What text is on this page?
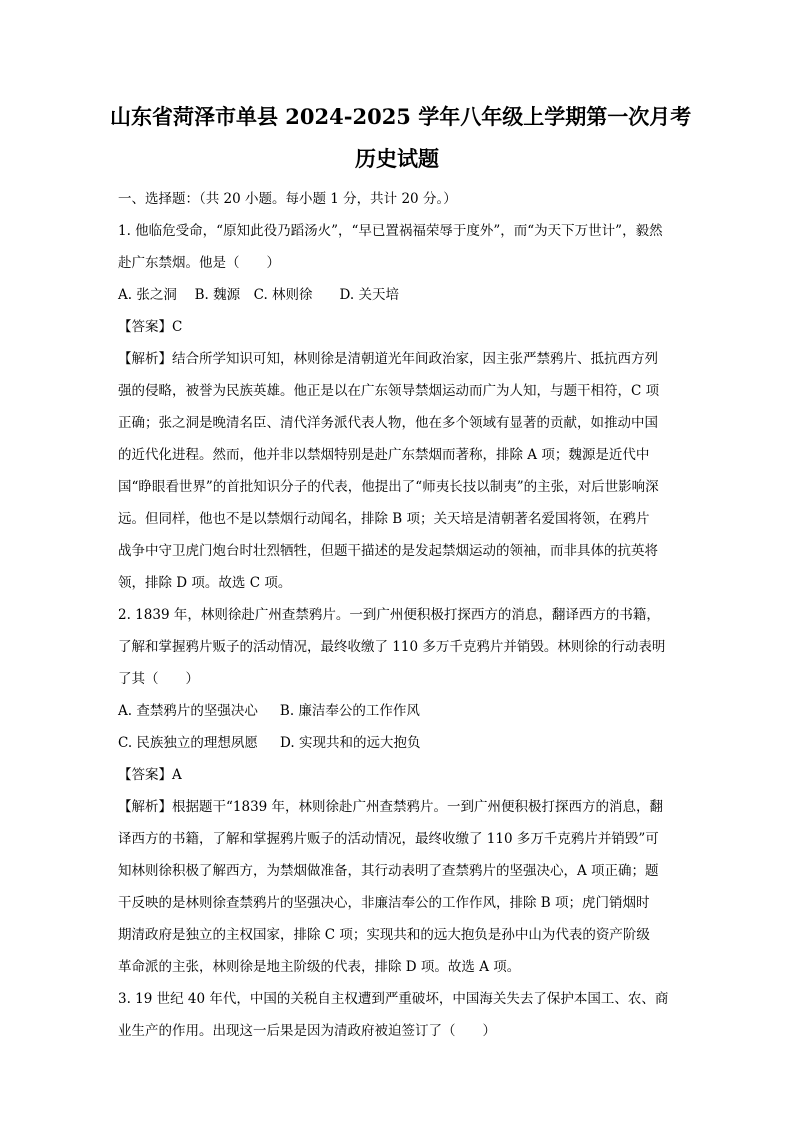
山东省菏泽市单县 2024-2025 学年八年级上学期第一次月考
历史试题

一、选择题：（共 20 小题。每小题 1 分，共计 20 分。）

1. 他临危受命，“原知此役乃蹈汤火”，“早已置祸福荣辱于度外”，而“为天下万世计”，毅然

赴广东禁烟。他是（　　）

A. 张之洞　 B. 魏源　C. 林则徐　　D. 关天培

【答案】C

【解析】结合所学知识可知，林则徐是清朝道光年间政治家，因主张严禁鸦片、抵抗西方列

强的侵略，被誉为民族英雄。他正是以在广东领导禁烟运动而广为人知，与题干相符，C 项

正确；张之洞是晚清名臣、清代洋务派代表人物，他在多个领域有显著的贡献，如推动中国

的近代化进程。然而，他并非以禁烟特别是赴广东禁烟而著称，排除 A 项；魏源是近代中

国“睁眼看世界”的首批知识分子的代表，他提出了“师夷长技以制夷”的主张，对后世影响深

远。但同样，他也不是以禁烟行动闻名，排除 B 项；关天培是清朝著名爱国将领，在鸦片

战争中守卫虎门炮台时壮烈牺牲，但题干描述的是发起禁烟运动的领袖，而非具体的抗英将

领，排除 D 项。故选 C 项。

2. 1839 年，林则徐赴广州查禁鸦片。一到广州便积极打探西方的消息，翻译西方的书籍，

了解和掌握鸦片贩子的活动情况，最终收缴了 110 多万千克鸦片并销毁。林则徐的行动表明

了其（　　）

A. 查禁鸦片的坚强决心　  B. 廉洁奉公的工作作风

C. 民族独立的理想夙愿　  D. 实现共和的远大抱负

【答案】A

【解析】根据题干“1839 年，林则徐赴广州查禁鸦片。一到广州便积极打探西方的消息，翻

译西方的书籍，了解和掌握鸦片贩子的活动情况，最终收缴了 110 多万千克鸦片并销毁”可

知林则徐积极了解西方，为禁烟做准备，其行动表明了查禁鸦片的坚强决心，A 项正确；题

干反映的是林则徐查禁鸦片的坚强决心，非廉洁奉公的工作作风，排除 B 项；虎门销烟时

期清政府是独立的主权国家，排除 C 项；实现共和的远大抱负是孙中山为代表的资产阶级

革命派的主张，林则徐是地主阶级的代表，排除 D 项。故选 A 项。

3. 19 世纪 40 年代，中国的关税自主权遭到严重破坏，中国海关失去了保护本国工、农、商

业生产的作用。出现这一后果是因为清政府被迫签订了（　　）
